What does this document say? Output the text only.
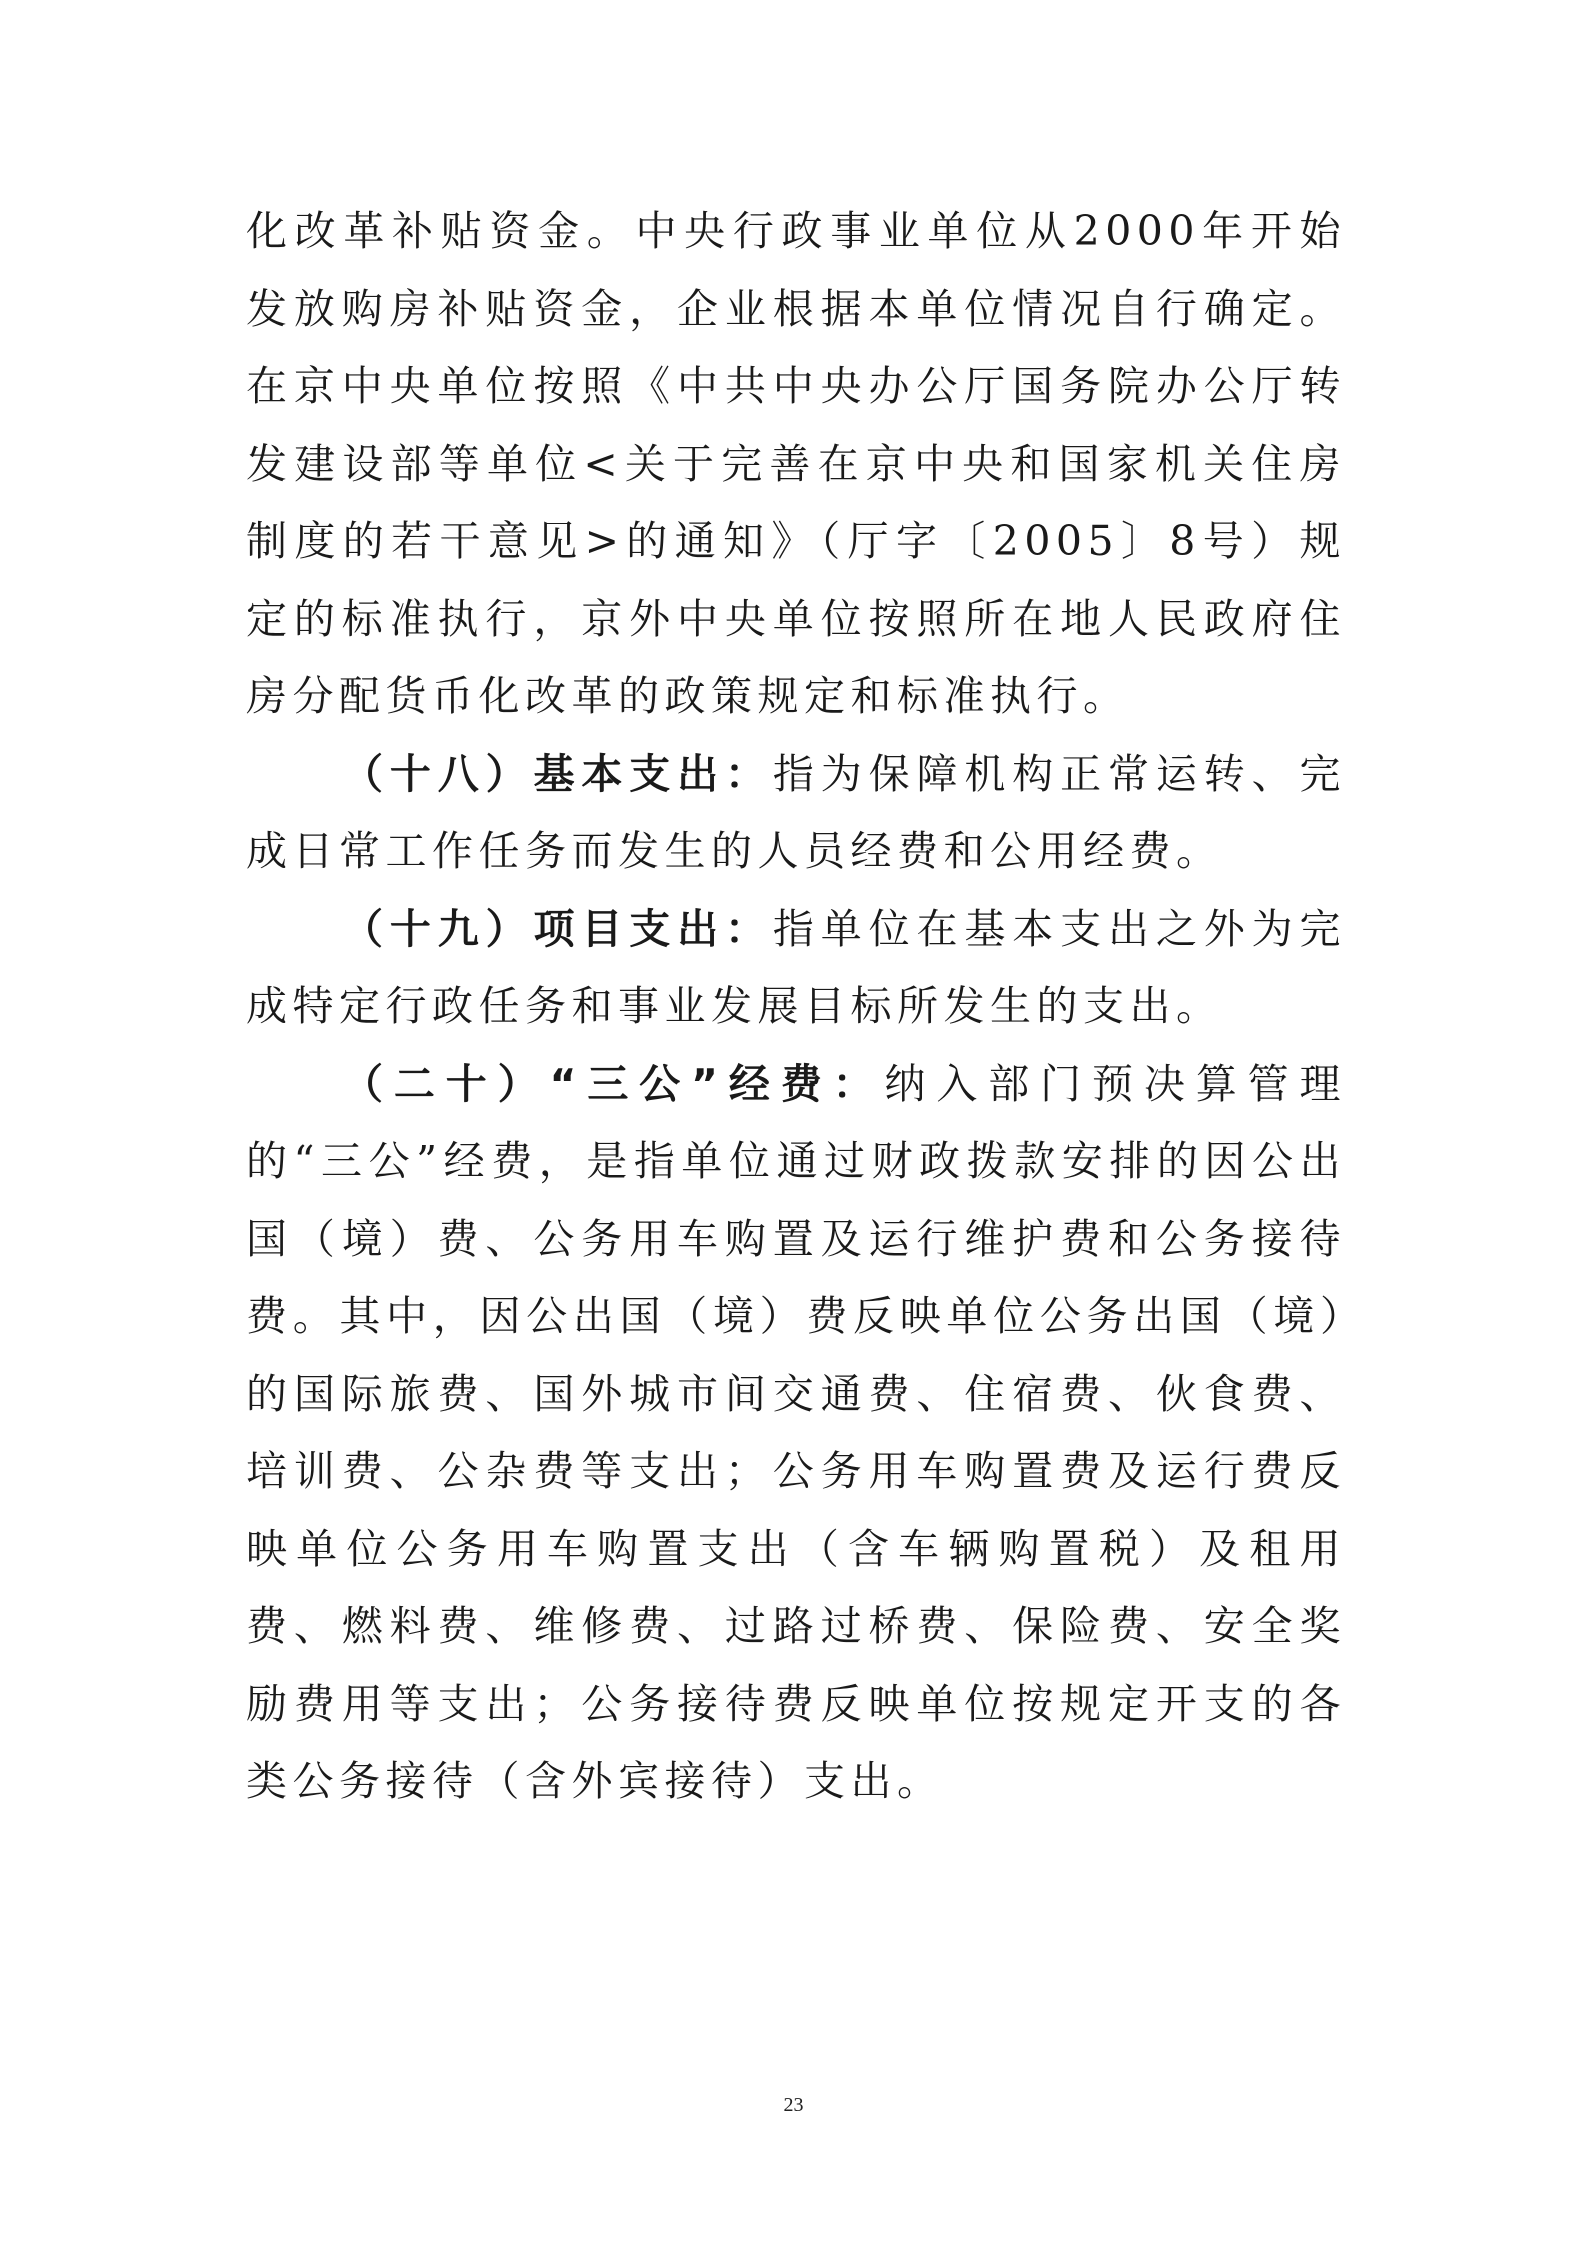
化改革补贴资金。中央行政事业单位从2000年开始发放购房补贴资金，企业根据本单位情况自行确定。在京中央单位按照《中共中央办公厅国务院办公厅转发建设部等单位<关于完善在京中央和国家机关住房制度的若干意见>的通知》（厅字〔2005〕8号）规定的标准执行，京外中央单位按照所在地人民政府住房分配货币化改革的政策规定和标准执行。

（十八）基本支出：指为保障机构正常运转、完成日常工作任务而发生的人员经费和公用经费。

（十九）项目支出：指单位在基本支出之外为完成特定行政任务和事业发展目标所发生的支出。

（二十）“三公”经费：纳入部门预决算管理的“三公”经费，是指单位通过财政拨款安排的因公出国（境）费、公务用车购置及运行维护费和公务接待费。其中，因公出国（境）费反映单位公务出国（境）的国际旅费、国外城市间交通费、住宿费、伙食费、培训费、公杂费等支出；公务用车购置费及运行费反映单位公务用车购置支出（含车辆购置税）及租用费、燃料费、维修费、过路过桥费、保险费、安全奖励费用等支出；公务接待费反映单位按规定开支的各类公务接待（含外宾接待）支出。

23
